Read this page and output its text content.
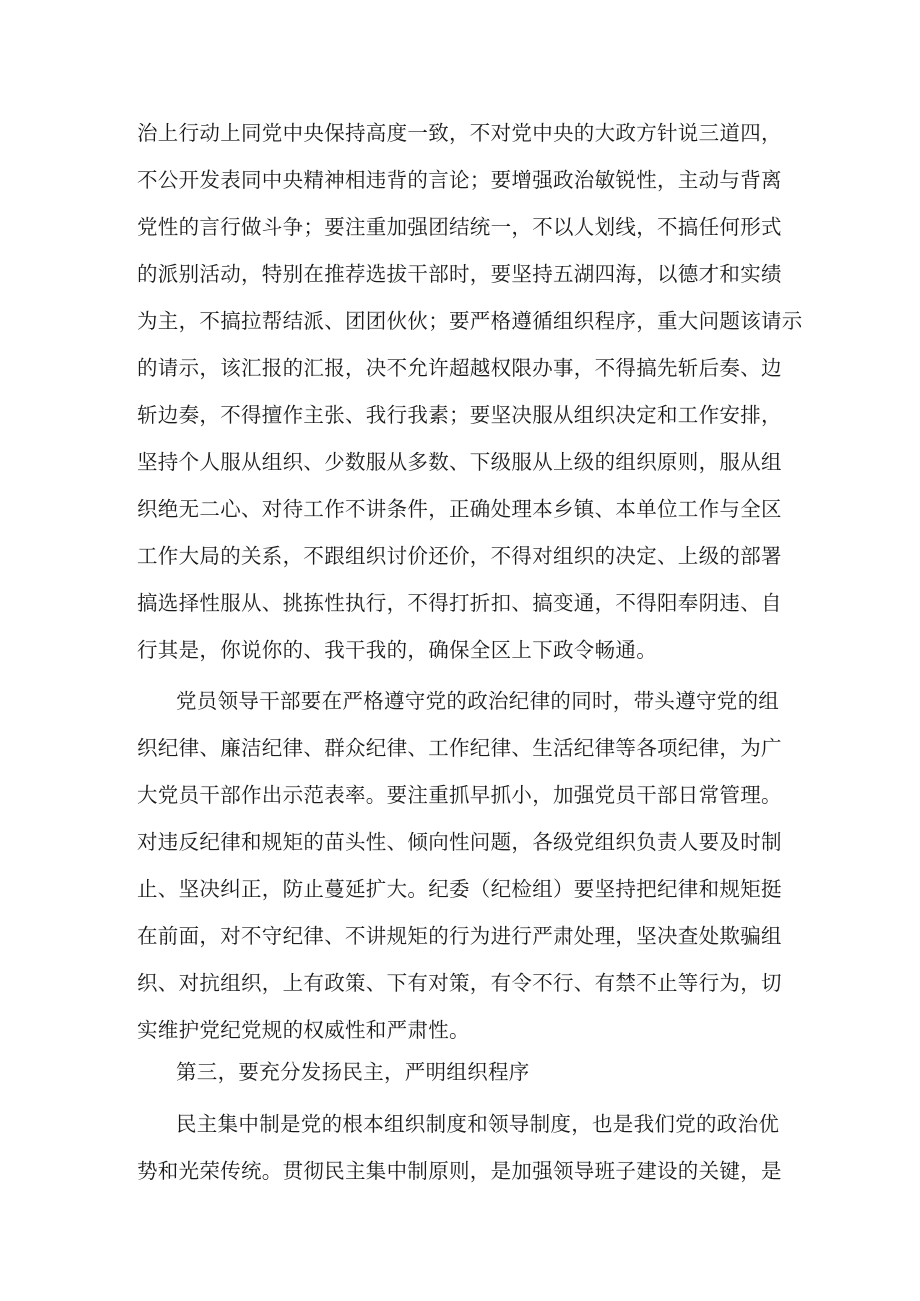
治上行动上同党中央保持高度一致，不对党中央的大政方针说三道四，
不公开发表同中央精神相违背的言论；要增强政治敏锐性，主动与背离
党性的言行做斗争；要注重加强团结统一，不以人划线，不搞任何形式
的派别活动，特别在推荐选拔干部时，要坚持五湖四海，以德才和实绩
为主，不搞拉帮结派、团团伙伙；要严格遵循组织程序，重大问题该请示
的请示，该汇报的汇报，决不允许超越权限办事，不得搞先斩后奏、边
斩边奏，不得擅作主张、我行我素；要坚决服从组织决定和工作安排，
坚持个人服从组织、少数服从多数、下级服从上级的组织原则，服从组
织绝无二心、对待工作不讲条件，正确处理本乡镇、本单位工作与全区
工作大局的关系，不跟组织讨价还价，不得对组织的决定、上级的部署
搞选择性服从、挑拣性执行，不得打折扣、搞变通，不得阳奉阴违、自
行其是，你说你的、我干我的，确保全区上下政令畅通。
党员领导干部要在严格遵守党的政治纪律的同时，带头遵守党的组
织纪律、廉洁纪律、群众纪律、工作纪律、生活纪律等各项纪律，为广
大党员干部作出示范表率。要注重抓早抓小，加强党员干部日常管理。
对违反纪律和规矩的苗头性、倾向性问题，各级党组织负责人要及时制
止、坚决纠正，防止蔓延扩大。纪委（纪检组）要坚持把纪律和规矩挺
在前面，对不守纪律、不讲规矩的行为进行严肃处理，坚决查处欺骗组
织、对抗组织，上有政策、下有对策，有令不行、有禁不止等行为，切
实维护党纪党规的权威性和严肃性。
第三，要充分发扬民主，严明组织程序
民主集中制是党的根本组织制度和领导制度，也是我们党的政治优
势和光荣传统。贯彻民主集中制原则，是加强领导班子建设的关键，是
